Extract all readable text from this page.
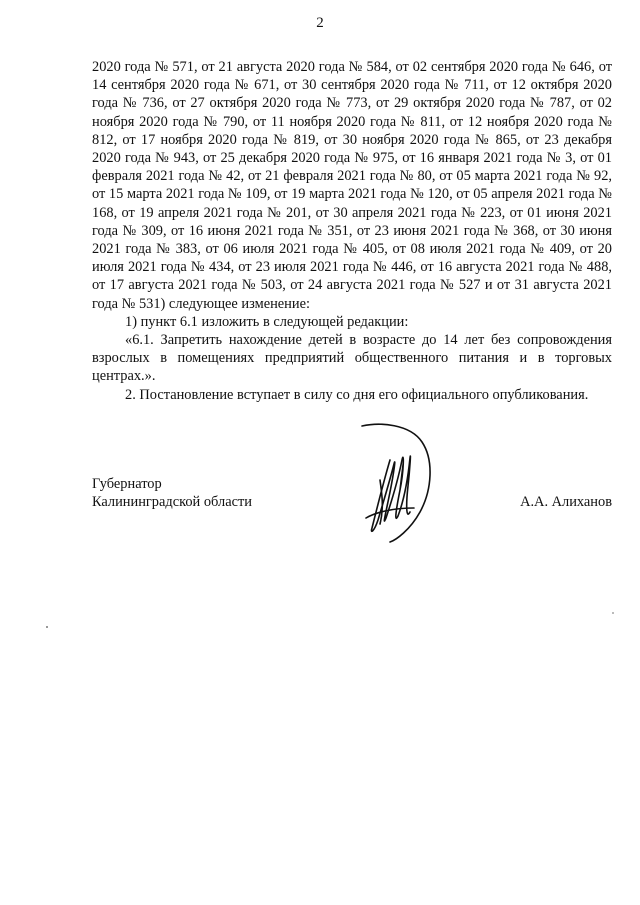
2

2020 года № 571, от 21 августа 2020 года № 584, от 02 сентября 2020 года № 646, от 14 сентября 2020 года № 671, от 30 сентября 2020 года № 711, от 12 октября 2020 года № 736, от 27 октября 2020 года № 773, от 29 октября 2020 года № 787, от 02 ноября 2020 года № 790, от 11 ноября 2020 года № 811, от 12 ноября 2020 года № 812, от 17 ноября 2020 года № 819, от 30 ноября 2020 года № 865, от 23 декабря 2020 года № 943, от 25 декабря 2020 года № 975, от 16 января 2021 года № 3, от 01 февраля 2021 года № 42, от 21 февраля 2021 года № 80, от 05 марта 2021 года № 92, от 15 марта 2021 года № 109, от 19 марта 2021 года № 120, от 05 апреля 2021 года № 168, от 19 апреля 2021 года № 201, от 30 апреля 2021 года № 223, от 01 июня 2021 года № 309, от 16 июня 2021 года № 351, от 23 июня 2021 года № 368, от 30 июня 2021 года № 383, от 06 июля 2021 года № 405, от 08 июля 2021 года № 409, от 20 июля 2021 года № 434, от 23 июля 2021 года № 446, от 16 августа 2021 года № 488, от 17 августа 2021 года № 503, от 24 августа 2021 года № 527 и от 31 августа 2021 года № 531) следующее изменение:

1) пункт 6.1 изложить в следующей редакции:

«6.1. Запретить нахождение детей в возрасте до 14 лет без сопровождения взрослых в помещениях предприятий общественного питания и в торговых центрах.».

2. Постановление вступает в силу со дня его официального опубликования.

Губернатор
Калининградской области	А.А. Алиханов
